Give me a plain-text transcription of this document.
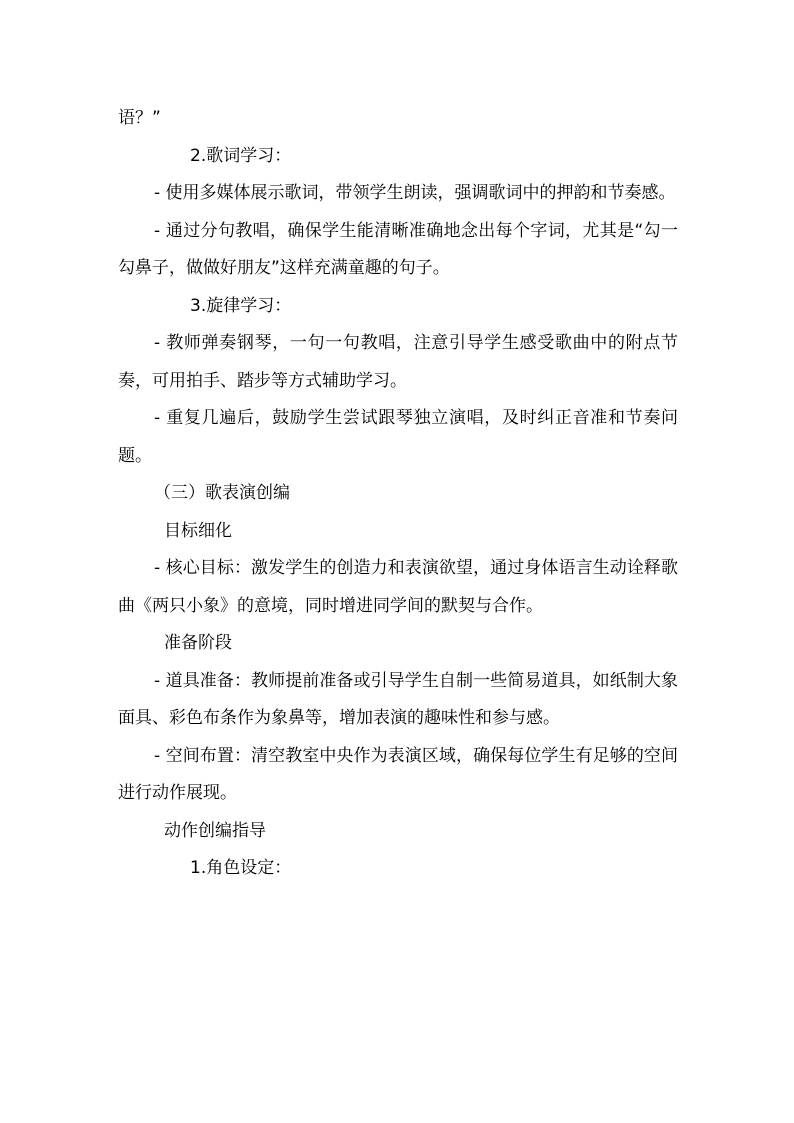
语？”

2.歌词学习：

- 使用多媒体展示歌词，带领学生朗读，强调歌词中的押韵和节奏感。

- 通过分句教唱，确保学生能清晰准确地念出每个字词，尤其是“勾一勾鼻子，做做好朋友”这样充满童趣的句子。

3.旋律学习：

- 教师弹奏钢琴，一句一句教唱，注意引导学生感受歌曲中的附点节奏，可用拍手、踏步等方式辅助学习。

- 重复几遍后，鼓励学生尝试跟琴独立演唱，及时纠正音准和节奏问题。

（三）歌表演创编

目标细化

- 核心目标：激发学生的创造力和表演欲望，通过身体语言生动诠释歌曲《两只小象》的意境，同时增进同学间的默契与合作。

准备阶段

- 道具准备：教师提前准备或引导学生自制一些简易道具，如纸制大象面具、彩色布条作为象鼻等，增加表演的趣味性和参与感。

- 空间布置：清空教室中央作为表演区域，确保每位学生有足够的空间进行动作展现。

动作创编指导

1.角色设定：
